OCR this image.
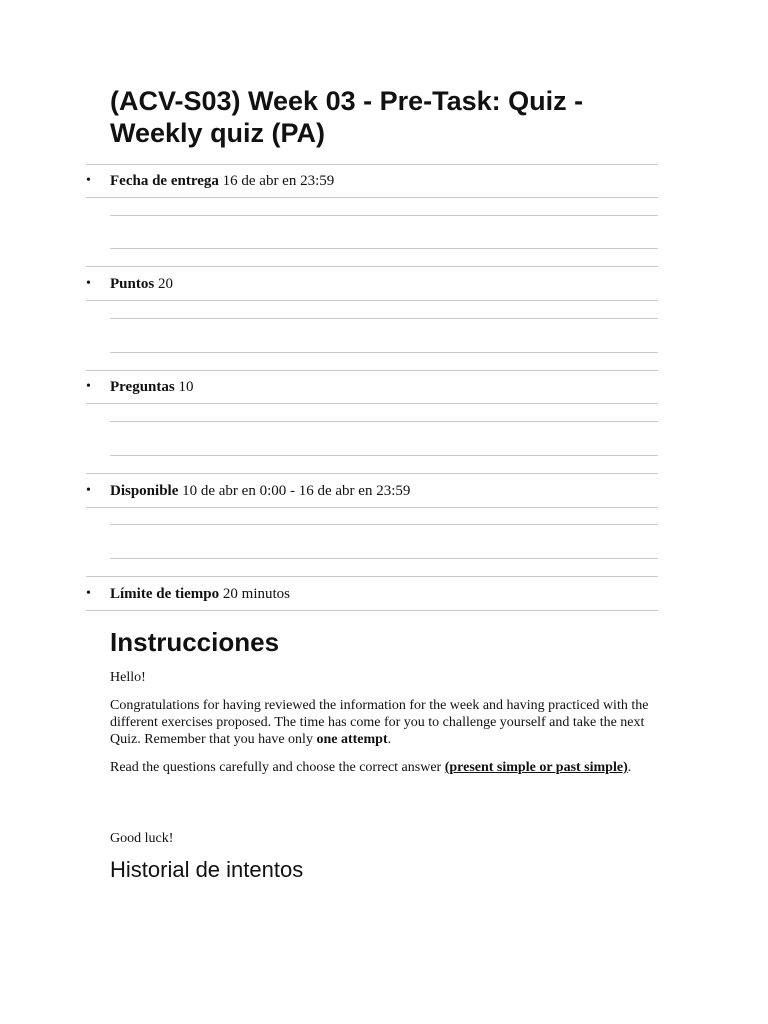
(ACV-S03) Week 03 - Pre-Task: Quiz - Weekly quiz (PA)
•	Fecha de entrega 16 de abr en 23:59
•	Puntos 20
•	Preguntas 10
•	Disponible 10 de abr en 0:00 - 16 de abr en 23:59
•	Límite de tiempo 20 minutos
Instrucciones

Hello!

Congratulations for having reviewed the information for the week and having practiced with the different exercises proposed. The time has come for you to challenge yourself and take the next Quiz. Remember that you have only one attempt.

Read the questions carefully and choose the correct answer (present simple or past simple).

Good luck!

Historial de intentos
